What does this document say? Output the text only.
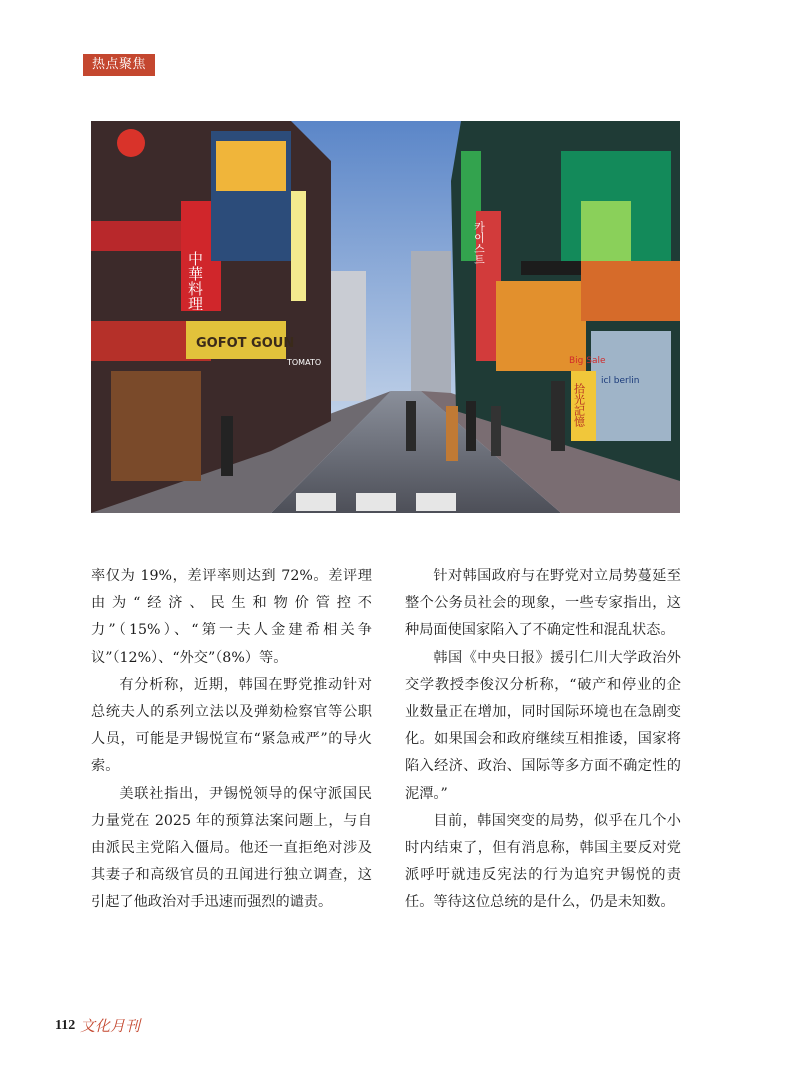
热点聚焦
中華料理
카이스트
GOFOT GOUN
Big Sale
icl berlin
拾光記憶
TOMATO

率仅为 19%，差评率则达到 72%。差评理由为“经济、民生和物价管控不力”（15%）、“第一夫人金建希相关争议”（12%）、“外交”（8%）等。

有分析称，近期，韩国在野党推动针对总统夫人的系列立法以及弹劾检察官等公职人员，可能是尹锡悦宣布“紧急戒严”的导火索。

美联社指出，尹锡悦领导的保守派国民力量党在 2025 年的预算法案问题上，与自由派民主党陷入僵局。他还一直拒绝对涉及其妻子和高级官员的丑闻进行独立调查，这引起了他政治对手迅速而强烈的谴责。

针对韩国政府与在野党对立局势蔓延至整个公务员社会的现象，一些专家指出，这种局面使国家陷入了不确定性和混乱状态。

韩国《中央日报》援引仁川大学政治外交学教授李俊汉分析称，“破产和停业的企业数量正在增加，同时国际环境也在急剧变化。如果国会和政府继续互相推诿，国家将陷入经济、政治、国际等多方面不确定性的泥潭。”

目前，韩国突变的局势，似乎在几个小时内结束了，但有消息称，韩国主要反对党派呼吁就违反宪法的行为追究尹锡悦的责任。等待这位总统的是什么，仍是未知数。

112 文化月刊
